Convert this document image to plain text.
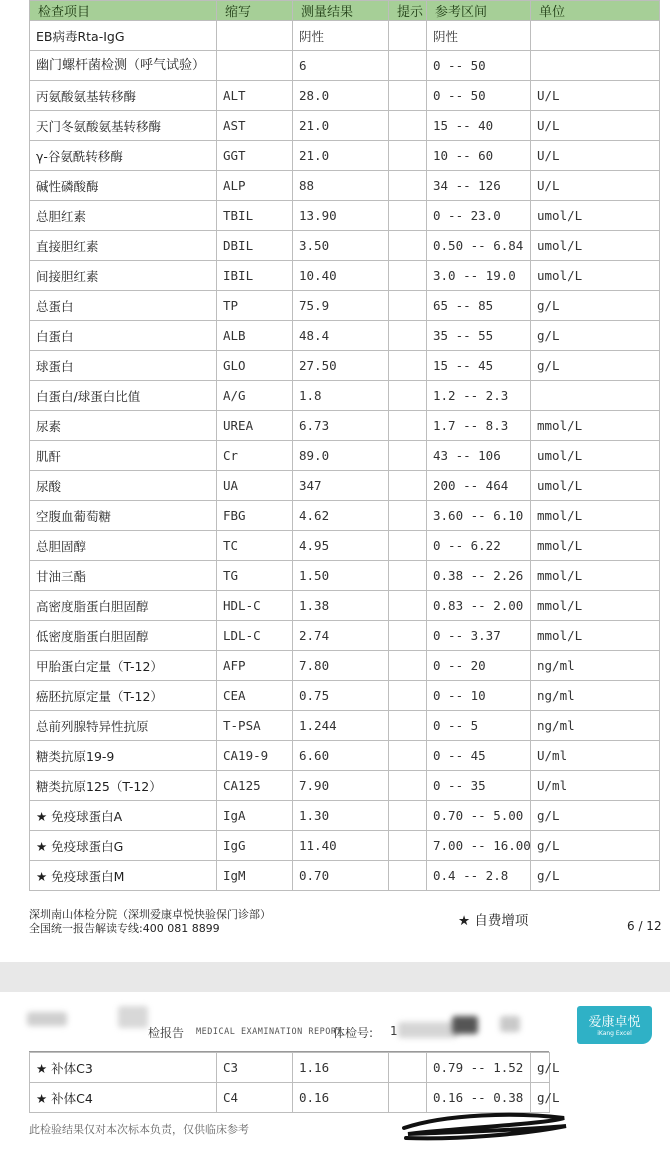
检查项目	缩写	测量结果	提示	参考区间	单位
EB病毒Rta-IgG		阴性		阴性	
幽门螺杆菌检测（呼气试验）		6		0 -- 50	
丙氨酸氨基转移酶	ALT	28.0		0 -- 50	U/L
天门冬氨酸氨基转移酶	AST	21.0		15 -- 40	U/L
γ-谷氨酰转移酶	GGT	21.0		10 -- 60	U/L
碱性磷酸酶	ALP	88		34 -- 126	U/L
总胆红素	TBIL	13.90		0 -- 23.0	umol/L
直接胆红素	DBIL	3.50		0.50 -- 6.84	umol/L
间接胆红素	IBIL	10.40		3.0 -- 19.0	umol/L
总蛋白	TP	75.9		65 -- 85	g/L
白蛋白	ALB	48.4		35 -- 55	g/L
球蛋白	GLO	27.50		15 -- 45	g/L
白蛋白/球蛋白比值	A/G	1.8		1.2 -- 2.3	
尿素	UREA	6.73		1.7 -- 8.3	mmol/L
肌酐	Cr	89.0		43 -- 106	umol/L
尿酸	UA	347		200 -- 464	umol/L
空腹血葡萄糖	FBG	4.62		3.60 -- 6.10	mmol/L
总胆固醇	TC	4.95		0 -- 6.22	mmol/L
甘油三酯	TG	1.50		0.38 -- 2.26	mmol/L
高密度脂蛋白胆固醇	HDL-C	1.38		0.83 -- 2.00	mmol/L
低密度脂蛋白胆固醇	LDL-C	2.74		0 -- 3.37	mmol/L
甲胎蛋白定量（T-12）	AFP	7.80		0 -- 20	ng/ml
癌胚抗原定量（T-12）	CEA	0.75		0 -- 10	ng/ml
总前列腺特异性抗原	T-PSA	1.244		0 -- 5	ng/ml
糖类抗原19-9	CA19-9	6.60		0 -- 45	U/ml
糖类抗原125（T-12）	CA125	7.90		0 -- 35	U/ml
★ 免疫球蛋白A	IgA	1.30		0.70 -- 5.00	g/L
★ 免疫球蛋白G	IgG	11.40		7.00 -- 16.00	g/L
★ 免疫球蛋白M	IgM	0.70		0.4 -- 2.8	g/L
深圳南山体检分院（深圳爱康卓悦快验保门诊部）
全国统一报告解读专线:400 081 8899	★ 自费增项	6 / 12
检报告 MEDICAL EXAMINATION REPORT
体检号: 1
爱康卓悦
iKang Excel
★ 补体C3	C3	1.16		0.79 -- 1.52	g/L
★ 补体C4	C4	0.16		0.16 -- 0.38	g/L
此检验结果仅对本次标本负责，仅供临床参考
